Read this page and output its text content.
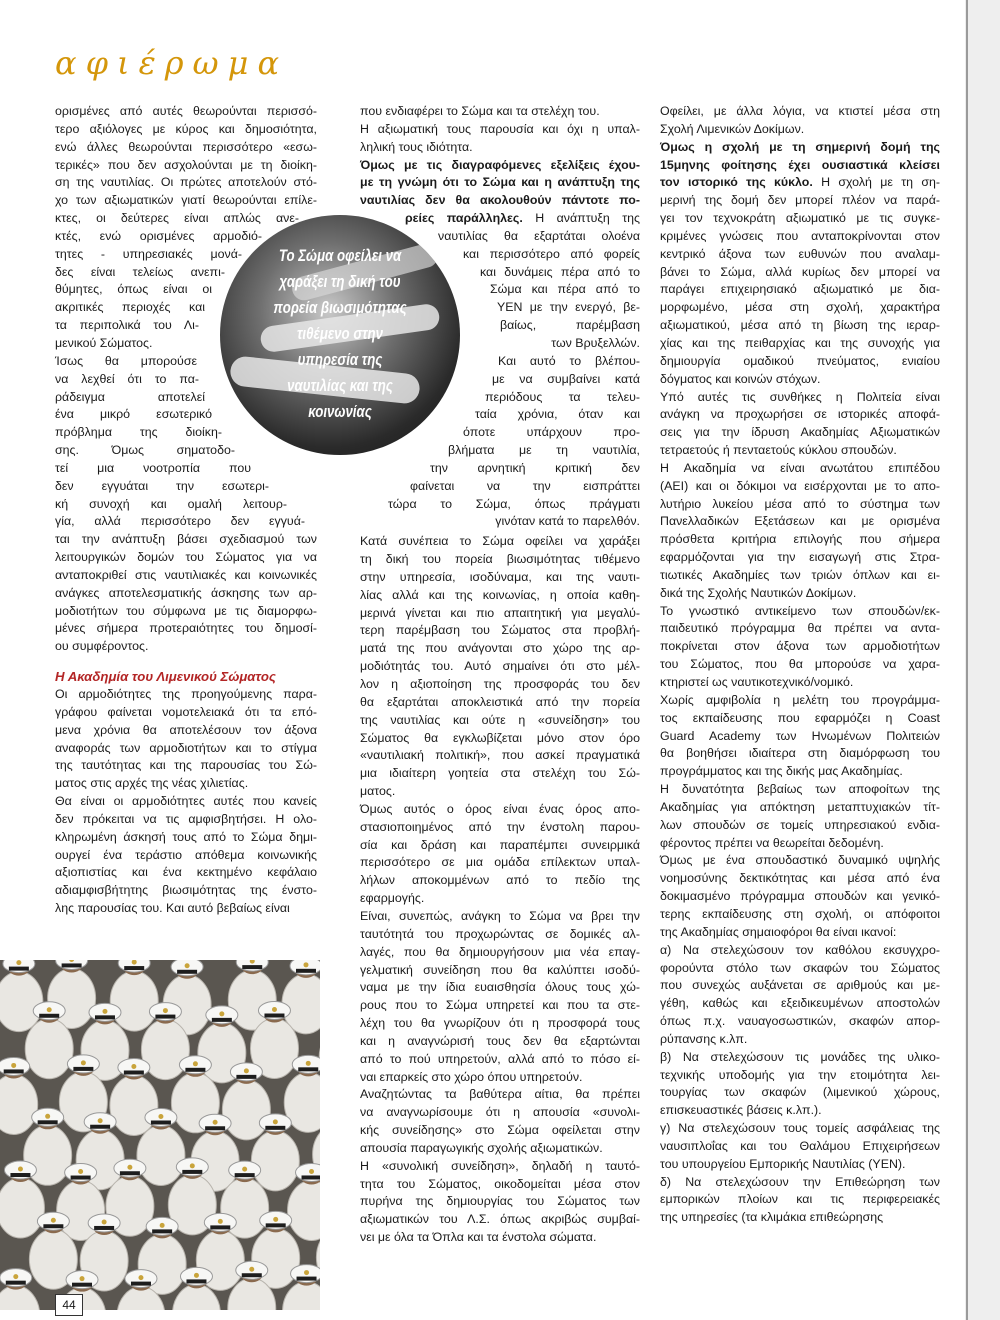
αφιέρωμα

ορισμένες από αυτές θεωρούνται περισσό-

τερο αξιόλογες με κύρος και δημοσιότητα,

ενώ άλλες θεωρούνται περισσότερο «εσω-

τερικές» που δεν ασχολούνται με τη διοίκη-

ση της ναυτιλίας. Οι πρώτες αποτελούν στό-

χο των αξιωματικών γιατί θεωρούνται επίλε-

κτες, οι δεύτερες είναι απλώς ανε-

κτές, ενώ ορισμένες αρμοδιό-

τητες - υπηρεσιακές μονά-

δες είναι τελείως ανεπι-

θύμητες, όπως είναι οι

ακριτικές περιοχές και

τα περιπολικά του Λι-

μενικού Σώματος.

Ίσως θα μπορούσε

να λεχθεί ότι το πα-

ράδειγμα αποτελεί

ένα μικρό εσωτερικό

πρόβλημα της διοίκη-

σης. Όμως σηματοδο-

τεί μια νοοτροπία που

δεν εγγυάται την εσωτερι-

κή συνοχή και ομαλή λειτουρ-

γία, αλλά περισσότερο δεν εγγυά-

ται την ανάπτυξη βάσει σχεδιασμού των

λειτουργικών δομών του Σώματος για να

ανταποκριθεί στις ναυτιλιακές και κοινωνικές

ανάγκες αποτελεσματικής άσκησης των αρ-

μοδιοτήτων του σύμφωνα με τις διαμορφω-

μένες σήμερα προτεραιότητες του δημοσί-

ου συμφέροντος.

Η Ακαδημία του Λιμενικού Σώματος

Οι αρμοδιότητες της προηγούμενης παρα-

γράφου φαίνεται νομοτελειακά ότι τα επό-

μενα χρόνια θα αποτελέσουν τον άξονα

αναφοράς των αρμοδιοτήτων και το στίγμα

της ταυτότητας και της παρουσίας του Σώ-

ματος στις αρχές της νέας χιλιετίας.

Θα είναι οι αρμοδιότητες αυτές που κανείς

δεν πρόκειται να τις αμφισβητήσει. Η ολο-

κληρωμένη άσκησή τους από το Σώμα δημι-

ουργεί ένα τεράστιο απόθεμα κοινωνικής

αξιοπιστίας και ένα κεκτημένο κεφάλαιο

αδιαμφισβήτητης βιωσιμότητας της ένστο-

λης παρουσίας του. Και αυτό βεβαίως είναι

που ενδιαφέρει το Σώμα και τα στελέχη του.

Η αξιωματική τους παρουσία και όχι η υπαλ-

ληλική τους ιδιότητα.

Όμως με τις διαγραφόμενες εξελίξεις έχου-

με τη γνώμη ότι το Σώμα και η ανάπτυξη της

ναυτιλίας δεν θα ακολουθούν πάντοτε πο-

ρείες παράλληλες. Η ανάπτυξη της

ναυτιλίας θα εξαρτάται ολοένα

και περισσότερο από φορείς

και δυνάμεις πέρα από το

Σώμα και πέρα από το

ΥΕΝ με την ενεργό, βε-

βαίως, παρέμβαση

των Βρυξελλών.

Και αυτό το βλέπου-

με να συμβαίνει κατά

περιόδους τα τελευ-

ταία χρόνια, όταν και

όποτε υπάρχουν προ-

βλήματα με τη ναυτιλία,

την αρνητική κριτική δεν

φαίνεται να την εισπράττει

τώρα το Σώμα, όπως πράγματι

γινόταν κατά το παρελθόν.

Κατά συνέπεια το Σώμα οφείλει να χαράξει

τη δική του πορεία βιωσιμότητας τιθέμενο

στην υπηρεσία, ισοδύναμα, και της ναυτι-

λίας αλλά και της κοινωνίας, η οποία καθη-

μερινά γίνεται και πιο απαιτητική για μεγαλύ-

τερη παρέμβαση του Σώματος στα προβλή-

ματά της που ανάγονται στο χώρο της αρ-

μοδιότητάς του. Αυτό σημαίνει ότι στο μέλ-

λον η αξιοποίηση της προσφοράς του δεν

θα εξαρτάται αποκλειστικά από την πορεία

της ναυτιλίας και ούτε η «συνείδηση» του

Σώματος θα εγκλωβίζεται μόνο στον όρο

«ναυτιλιακή πολιτική», που ασκεί πραγματικά

μια ιδιαίτερη γοητεία στα στελέχη του Σώ-

ματος.

Όμως αυτός ο όρος είναι ένας όρος απο-

στασιοποιημένος από την ένστολη παρου-

σία και δράση και παραπέμπει συνειρμικά

περισσότερο σε μια ομάδα επίλεκτων υπαλ-

λήλων αποκομμένων από το πεδίο της

εφαρμογής.

Είναι, συνεπώς, ανάγκη το Σώμα να βρει την

ταυτότητά του προχωρώντας σε δομικές αλ-

λαγές, που θα δημιουργήσουν μια νέα επαγ-

γελματική συνείδηση που θα καλύπτει ισοδύ-

ναμα με την ίδια ευαισθησία όλους τους χώ-

ρους που το Σώμα υπηρετεί και που τα στε-

λέχη του θα γνωρίζουν ότι η προσφορά τους

και η αναγνώρισή τους δεν θα εξαρτώνται

από το πού υπηρετούν, αλλά από το πόσο εί-

ναι επαρκείς στο χώρο όπου υπηρετούν.

Αναζητώντας τα βαθύτερα αίτια, θα πρέπει

να αναγνωρίσουμε ότι η απουσία «συνολι-

κής συνείδησης» στο Σώμα οφείλεται στην

απουσία παραγωγικής σχολής αξιωματικών.

Η «συνολική συνείδηση», δηλαδή η ταυτό-

τητα του Σώματος, οικοδομείται μέσα στον

πυρήνα της δημιουργίας του Σώματος των

αξιωματικών του Λ.Σ. όπως ακριβώς συμβαί-

νει με όλα τα Όπλα και τα ένστολα σώματα.

Οφείλει, με άλλα λόγια, να κτιστεί μέσα στη

Σχολή Λιμενικών Δοκίμων.

Όμως η σχολή με τη σημερινή δομή της

15μηνης φοίτησης έχει ουσιαστικά κλείσει

τον ιστορικό της κύκλο. Η σχολή με τη ση-

μερινή της δομή δεν μπορεί πλέον να παρά-

γει τον τεχνοκράτη αξιωματικό με τις συγκε-

κριμένες γνώσεις που ανταποκρίνονται στον

κεντρικό άξονα των ευθυνών που αναλαμ-

βάνει το Σώμα, αλλά κυρίως δεν μπορεί να

παράγει επιχειρησιακό αξιωματικό με δια-

μορφωμένο, μέσα στη σχολή, χαρακτήρα

αξιωματικού, μέσα από τη βίωση της ιεραρ-

χίας και της πειθαρχίας και της συνοχής για

δημιουργία ομαδικού πνεύματος, ενιαίου

δόγματος και κοινών στόχων.

Υπό αυτές τις συνθήκες η Πολιτεία είναι

ανάγκη να προχωρήσει σε ιστορικές αποφά-

σεις για την ίδρυση Ακαδημίας Αξιωματικών

τετραετούς ή πενταετούς κύκλου σπουδών.

Η Ακαδημία να είναι ανωτάτου επιπέδου

(ΑΕΙ) και οι δόκιμοι να εισέρχονται με το απο-

λυτήριο λυκείου μέσα από το σύστημα των

Πανελλαδικών Εξετάσεων και με ορισμένα

πρόσθετα κριτήρια επιλογής που σήμερα

εφαρμόζονται για την εισαγωγή στις Στρα-

τιωτικές Ακαδημίες των τριών όπλων και ει-

δικά της Σχολής Ναυτικών Δοκίμων.

Το γνωστικό αντικείμενο των σπουδών/εκ-

παιδευτικό πρόγραμμα θα πρέπει να αντα-

ποκρίνεται στον άξονα των αρμοδιοτήτων

του Σώματος, που θα μπορούσε να χαρα-

κτηριστεί ως ναυτικοτεχνικό/νομικό.

Χωρίς αμφιβολία η μελέτη του προγράμμα-

τος εκπαίδευσης που εφαρμόζει η Coast

Guard Academy των Ηνωμένων Πολιτειών

θα βοηθήσει ιδιαίτερα στη διαμόρφωση του

προγράμματος και της δικής μας Ακαδημίας.

Η δυνατότητα βεβαίως των αποφοίτων της

Ακαδημίας για απόκτηση μεταπτυχιακών τίτ-

λων σπουδών σε τομείς υπηρεσιακού ενδια-

φέροντος πρέπει να θεωρείται δεδομένη.

Όμως με ένα σπουδαστικό δυναμικό υψηλής

νοημοσύνης δεκτικότητας και μέσα από ένα

δοκιμασμένο πρόγραμμα σπουδών και γενικό-

τερης εκπαίδευσης στη σχολή, οι απόφοιτοι

της Ακαδημίας σημαιοφόροι θα είναι ικανοί:

α) Να στελεχώσουν τον καθόλου εκσυγχρο-

φορούντα στόλο των σκαφών του Σώματος

που συνεχώς αυξάνεται σε αριθμούς και με-

γέθη, καθώς και εξειδικευμένων αποστολών

όπως π.χ. ναυαγοσωστικών, σκαφών απορ-

ρύπανσης κ.λπ.

β) Να στελεχώσουν τις μονάδες της υλικο-

τεχνικής υποδομής για την ετοιμότητα λει-

τουργίας των σκαφών (λιμενικού χώρους,

επισκευαστικές βάσεις κ.λπ.).

γ) Να στελεχώσουν τους τομείς ασφάλειας της

ναυσιπλοΐας και του Θαλάμου Επιχειρήσεων

του υπουργείου Εμπορικής Ναυτιλίας (ΥΕΝ).

δ) Να στελεχώσουν την Επιθεώρηση των

εμπορικών πλοίων και τις περιφερειακές

της υπηρεσίες (τα κλιμάκια επιθεώρησης

Το Σώμα οφείλει να χαράξει τη δική του πορεία βιωσιμότητας τιθέμενο στην υπηρεσία της ναυτιλίας και της κοινωνίας
44
